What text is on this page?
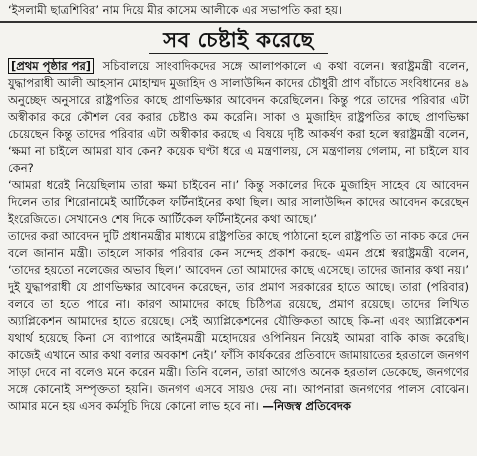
‘ইসলামী ছাত্রশিবির’ নাম দিয়ে মীর কাসেম আলীকে এর সভাপতি করা হয়।
সব চেষ্টাই করেছে

[প্রথম পৃষ্ঠার পর] সচিবালয়ে সাংবাদিকদের সঙ্গে আলাপকালে এ কথা বলেন। স্বরাষ্ট্রমন্ত্রী বলেন, যুদ্ধাপরাধী আলী আহসান মোহাম্মদ মুজাহিদ ও সালাউদ্দিন কাদের চৌধুরী প্রাণ বাঁচাতে সংবিধানের ৪৯ অনুচ্ছেদ অনুসারে রাষ্ট্রপতির কাছে প্রাণভিক্ষার আবেদন করেছিলেন। কিন্তু পরে তাদের পরিবার এটা অস্বীকার করে কৌশল বের করার চেষ্টাও কম করেনি। সাকা ও মুজাহিদ রাষ্ট্রপতির কাছে প্রাণভিক্ষা চেয়েছেন কিন্তু তাদের পরিবার এটা অস্বীকার করছে এ বিষয়ে দৃষ্টি আকর্ষণ করা হলে স্বরাষ্ট্রমন্ত্রী বলেন, ‘ক্ষমা না চাইলে আমরা যাব কেন? কয়েক ঘণ্টা ধরে এ মন্ত্রণালয়, সে মন্ত্রণালয় গেলাম, না চাইলে যাব কেন?

‘আমরা ধরেই নিয়েছিলাম তারা ক্ষমা চাইবেন না।’ কিন্তু সকালের দিকে মুজাহিদ সাহেব যে আবেদন দিলেন তার শিরোনামেই আর্টিকেল ফর্টিনাইনের কথা ছিল। আর সালাউদ্দিন কাদের আবেদন করেছেন ইংরেজিতে। সেখানেও শেষ দিকে আর্টিকেল ফর্টিনাইনের কথা আছে।’

তাদের করা আবেদন দুটি প্রধানমন্ত্রীর মাধ্যমে রাষ্ট্রপতির কাছে পাঠানো হলে রাষ্ট্রপতি তা নাকচ করে দেন বলে জানান মন্ত্রী। তাহলে সাকার পরিবার কেন সন্দেহ প্রকাশ করছে- এমন প্রশ্নে স্বরাষ্ট্রমন্ত্রী বলেন, ‘তাদের হয়তো নলেজের অভাব ছিল।’ আবেদন তো আমাদের কাছে এসেছে। তাদের জানার কথা নয়।’ দুই যুদ্ধাপরাধী যে প্রাণভিক্ষার আবেদন করেছেন, তার প্রমাণ সরকারের হাতে আছে। তারা (পরিবার) বলবে তা হতে পারে না। কারণ আমাদের কাছে চিঠিপত্র রয়েছে, প্রমাণ রয়েছে। তাদের লিখিত অ্যাপ্লিকেশন আমাদের হাতে রয়েছে। সেই অ্যাপ্লিকেশনের যৌক্তিকতা আছে কি-না এবং অ্যাপ্লিকেশন যথার্থ হয়েছে কিনা সে ব্যাপারে আইনমন্ত্রী মহোদয়ের ওপিনিয়ন নিয়েই আমরা বাকি কাজ করেছি। কাজেই এখানে আর কথা বলার অবকাশ নেই।’ ফাঁসি কার্যকরের প্রতিবাদে জামায়াতের হরতালে জনগণ সাড়া দেবে না বলেও মনে করেন মন্ত্রী। তিনি বলেন, তারা আগেও অনেক হরতাল ডেকেছে, জনগণের সঙ্গে কোনোই সম্পৃক্ততা হয়নি। জনগণ এসবে সায়ও দেয় না। আপনারা জনগণের পালস বোঝেন। আমার মনে হয় এসব কর্মসূচি দিয়ে কোনো লাভ হবে না। —নিজস্ব প্রতিবেদক
